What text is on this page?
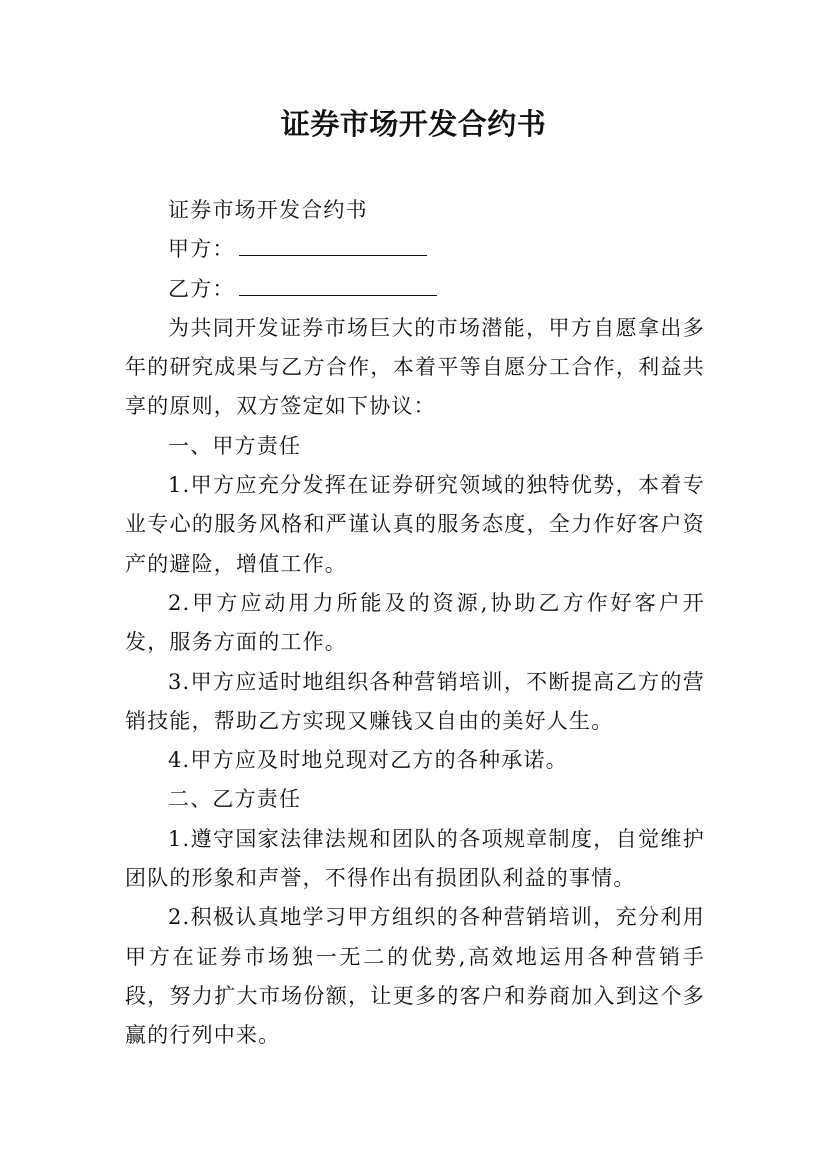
证券市场开发合约书

证券市场开发合约书

甲方：

乙方：

为共同开发证券市场巨大的市场潜能，甲方自愿拿出多年的研究成果与乙方合作，本着平等自愿分工合作，利益共享的原则，双方签定如下协议：

一、甲方责任

1.甲方应充分发挥在证券研究领域的独特优势，本着专业专心的服务风格和严谨认真的服务态度，全力作好客户资产的避险，增值工作。

2.甲方应动用力所能及的资源,协助乙方作好客户开发，服务方面的工作。

3.甲方应适时地组织各种营销培训，不断提高乙方的营销技能，帮助乙方实现又赚钱又自由的美好人生。

4.甲方应及时地兑现对乙方的各种承诺。

二、乙方责任

1.遵守国家法律法规和团队的各项规章制度，自觉维护团队的形象和声誉，不得作出有损团队利益的事情。

2.积极认真地学习甲方组织的各种营销培训，充分利用甲方在证券市场独一无二的优势,高效地运用各种营销手段，努力扩大市场份额，让更多的客户和券商加入到这个多赢的行列中来。
